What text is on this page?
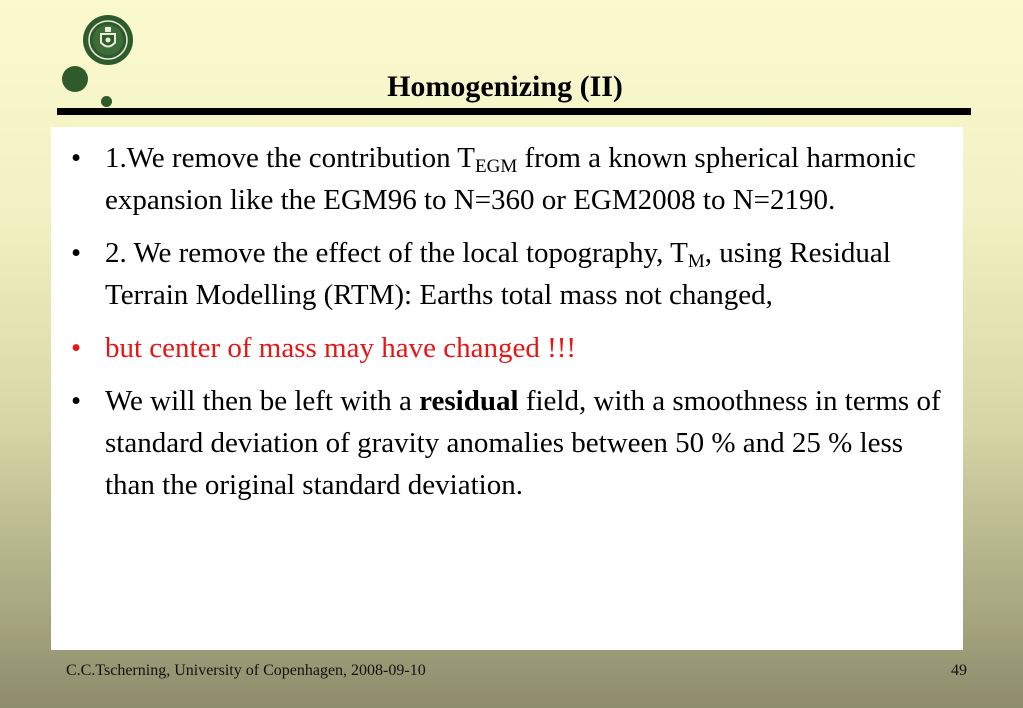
Homogenizing (II)
• 1.We remove the contribution $T_{EGM}$ from a known spherical harmonic expansion like the EGM96 to N=360 or EGM2008 to N=2190.
• 2. We remove the effect of the local topography, $T_M$, using Residual Terrain Modelling (RTM): Earths total mass not changed,
• but center of mass may have changed !!!
• We will then be left with a residual field, with a smoothness in terms of standard deviation of gravity anomalies between 50 % and 25 % less than the original standard deviation.
C.C.Tscherning, University of Copenhagen, 2008-09-10	49
